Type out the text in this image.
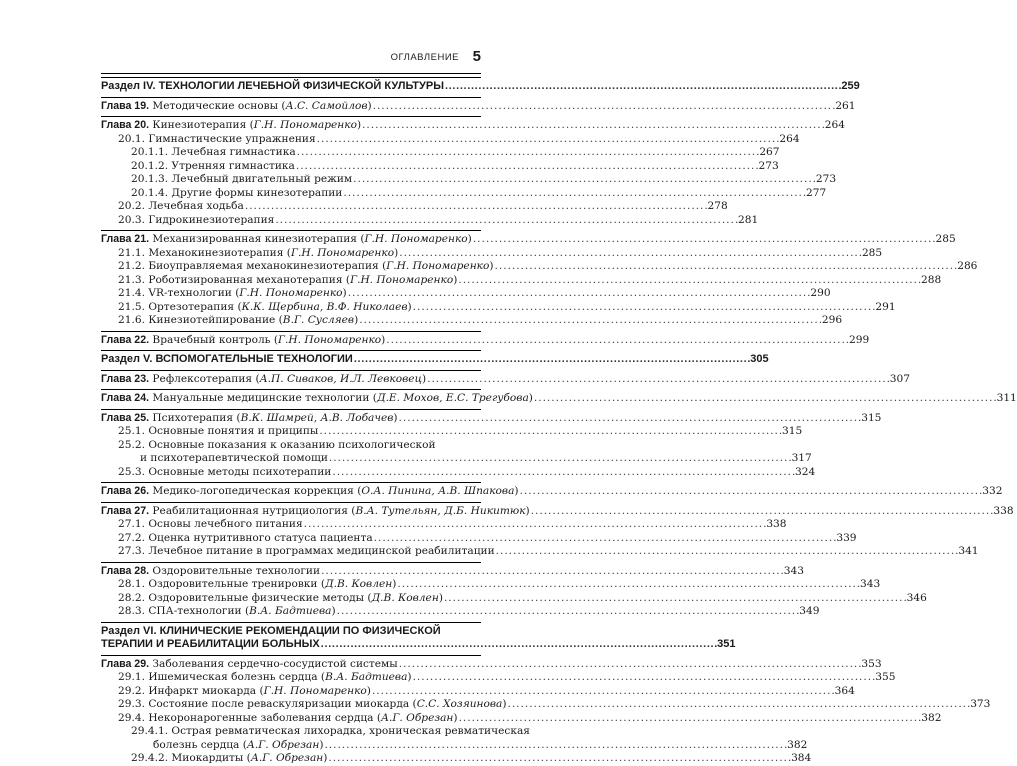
ОГЛАВЛЕНИЕ 5
Раздел IV. ТЕХНОЛОГИИ ЛЕЧЕБНОЙ ФИЗИЧЕСКОЙ КУЛЬТУРЫ . . .	259
Глава 19. Методические основы (А.С. Самойлов) . . .	261
Глава 20. Кинезиотерапия (Г.Н. Пономаренко) . . .	264
20.1. Гимнастические упражнения . . .	264
20.1.1. Лечебная гимнастика . . .	267
20.1.2. Утренняя гимнастика . . .	273
20.1.3. Лечебный двигательный режим . . .	273
20.1.4. Другие формы кинезотерапии . . .	277
20.2. Лечебная ходьба . . .	278
20.3. Гидрокинезиотерапия . . .	281
Глава 21. Механизированная кинезиотерапия (Г.Н. Пономаренко) . . .	285
21.1. Механокинезиотерапия (Г.Н. Пономаренко) . . .	285
21.2. Биоуправляемая механокинезиотерапия (Г.Н. Пономаренко) . . .	286
21.3. Роботизированная механотерапия (Г.Н. Пономаренко) . . .	288
21.4. VR-технологии (Г.Н. Пономаренко) . . .	290
21.5. Ортезотерапия (К.К. Щербина, В.Ф. Николаев) . . .	291
21.6. Кинезиотейпирование (В.Г. Сусляев) . . .	296
Глава 22. Врачебный контроль (Г.Н. Пономаренко) . . .	299
Раздел V. ВСПОМОГАТЕЛЬНЫЕ ТЕХНОЛОГИИ . . .	305
Глава 23. Рефлексотерапия (А.П. Сиваков, И.Л. Левковец) . . .	307
Глава 24. Мануальные медицинские технологии (Д.Е. Мохов, Е.С. Трегубова) . . .	311
Глава 25. Психотерапия (В.К. Шамрей, А.В. Лобачев) . . .	315
25.1. Основные понятия и приципы . . .	315
25.2. Основные показания к оказанию психологической
и психотерапевтической помощи . . .	317
25.3. Основные методы психотерапии . . .	324
Глава 26. Медико-логопедическая коррекция (О.А. Пинина, А.В. Шпакова) . . .	332
Глава 27. Реабилитационная нутрициология (В.А. Тутельян, Д.Б. Никитюк) . . .	338
27.1. Основы лечебного питания . . .	338
27.2. Оценка нутритивного статуса пациента . . .	339
27.3. Лечебное питание в программах медицинской реабилитации . . .	341
Глава 28. Оздоровительные технологии . . .	343
28.1. Оздоровительные тренировки (Д.В. Ковлен) . . .	343
28.2. Оздоровительные физические методы (Д.В. Ковлен) . . .	346
28.3. СПА-технологии (В.А. Бадтиева) . . .	349
Раздел VI. КЛИНИЧЕСКИЕ РЕКОМЕНДАЦИИ ПО ФИЗИЧЕСКОЙ
ТЕРАПИИ И РЕАБИЛИТАЦИИ БОЛЬНЫХ . . .	351
Глава 29. Заболевания сердечно-сосудистой системы . . .	353
29.1. Ишемическая болезнь сердца (В.А. Бадтиева) . . .	355
29.2. Инфаркт миокарда (Г.Н. Пономаренко) . . .	364
29.3. Состояние после реваскуляризации миокарда (С.С. Хозяинова) . . .	373
29.4. Некоронарогенные заболевания сердца (А.Г. Обрезан) . . .	382
29.4.1. Острая ревматическая лихорадка, хроническая ревматическая
болезнь сердца (А.Г. Обрезан) . . .	382
29.4.2. Миокардиты (А.Г. Обрезан) . . .	384
